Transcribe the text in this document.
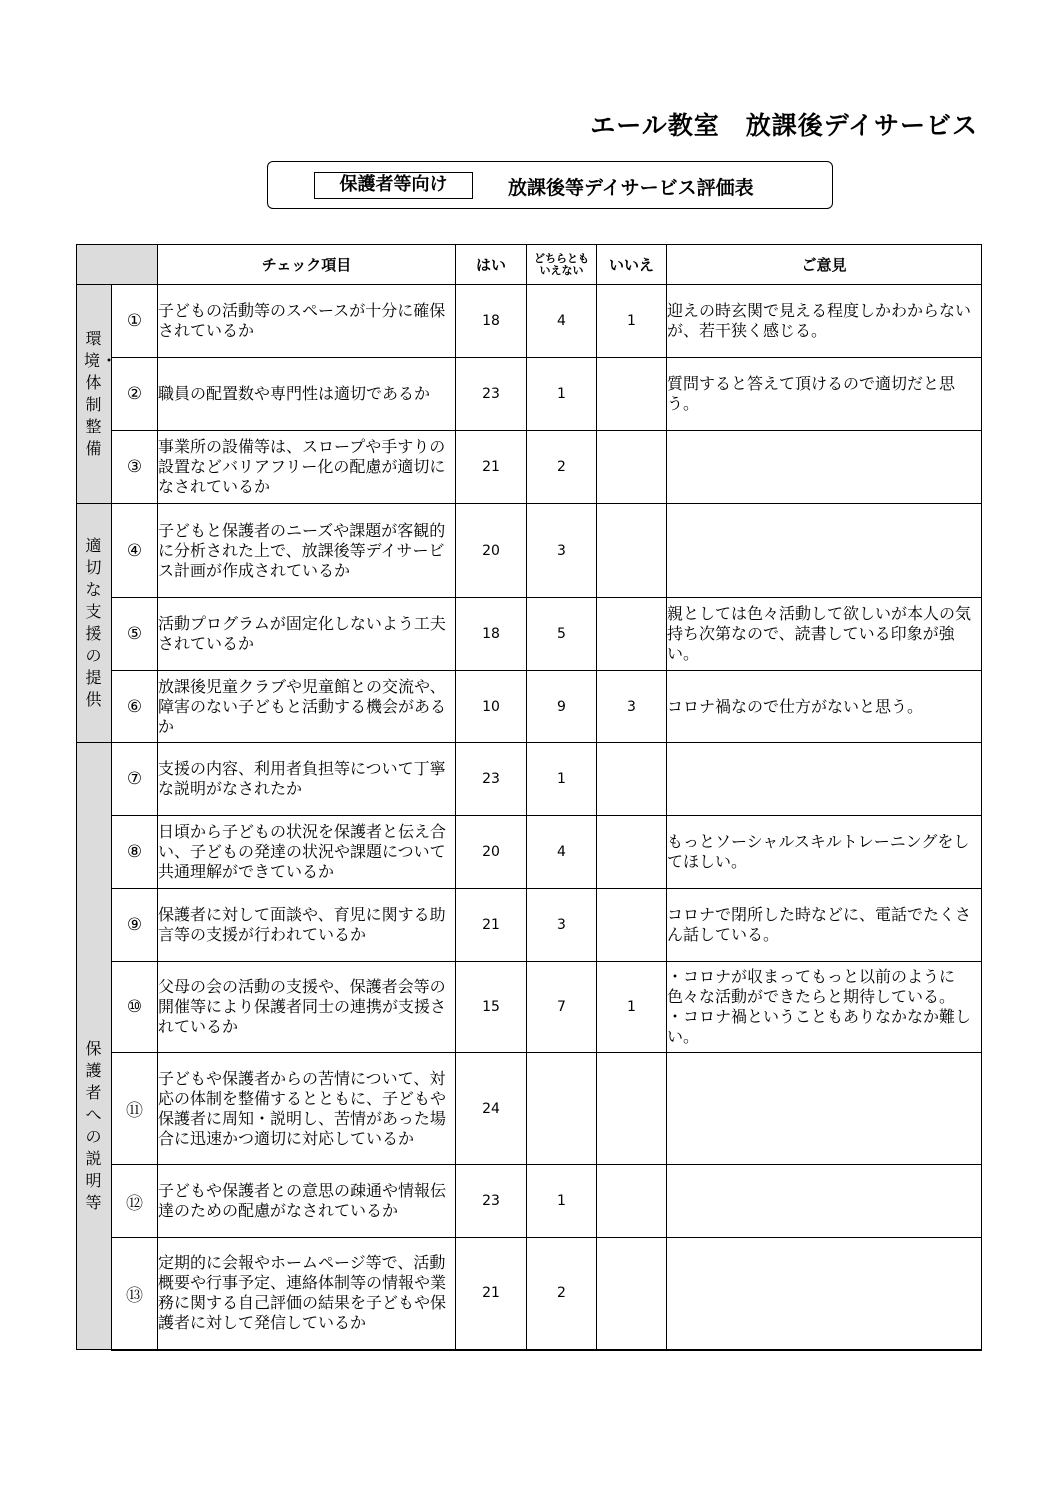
エール教室　放課後デイサービス
保護者等向け	放課後等デイサービス評価表
		チェック項目	はい	どちらとも
いえない	いいえ	ご意見
環境・体制整備	①	子どもの活動等のスペースが十分に確保されているか	18	4	1	迎えの時玄関で見える程度しかわからないが、若干狭く感じる。
	②	職員の配置数や専門性は適切であるか	23	1		質問すると答えて頂けるので適切だと思う。
	③	事業所の設備等は、スロープや手すりの設置などバリアフリー化の配慮が適切になされているか	21	2		
適切な支援の提供	④	子どもと保護者のニーズや課題が客観的に分析された上で、放課後等デイサービス計画が作成されているか	20	3		
	⑤	活動プログラムが固定化しないよう工夫されているか	18	5		親としては色々活動して欲しいが本人の気持ち次第なので、読書している印象が強い。
	⑥	放課後児童クラブや児童館との交流や、障害のない子どもと活動する機会があるか	10	9	3	コロナ禍なので仕方がないと思う。
保護者への説明等	⑦	支援の内容、利用者負担等について丁寧な説明がなされたか	23	1		
	⑧	日頃から子どもの状況を保護者と伝え合い、子どもの発達の状況や課題について共通理解ができているか	20	4		もっとソーシャルスキルトレーニングをしてほしい。
	⑨	保護者に対して面談や、育児に関する助言等の支援が行われているか	21	3		コロナで閉所した時などに、電話でたくさん話している。
	⑩	父母の会の活動の支援や、保護者会等の開催等により保護者同士の連携が支援されているか	15	7	1	・コロナが収まってもっと以前のように
色々な活動ができたらと期待している。
・コロナ禍ということもありなかなか難しい。
	⑪	子どもや保護者からの苦情について、対応の体制を整備するとともに、子どもや保護者に周知・説明し、苦情があった場合に迅速かつ適切に対応しているか	24			
	⑫	子どもや保護者との意思の疎通や情報伝達のための配慮がなされているか	23	1		
	⑬	定期的に会報やホームページ等で、活動概要や行事予定、連絡体制等の情報や業務に関する自己評価の結果を子どもや保護者に対して発信しているか	21	2		
